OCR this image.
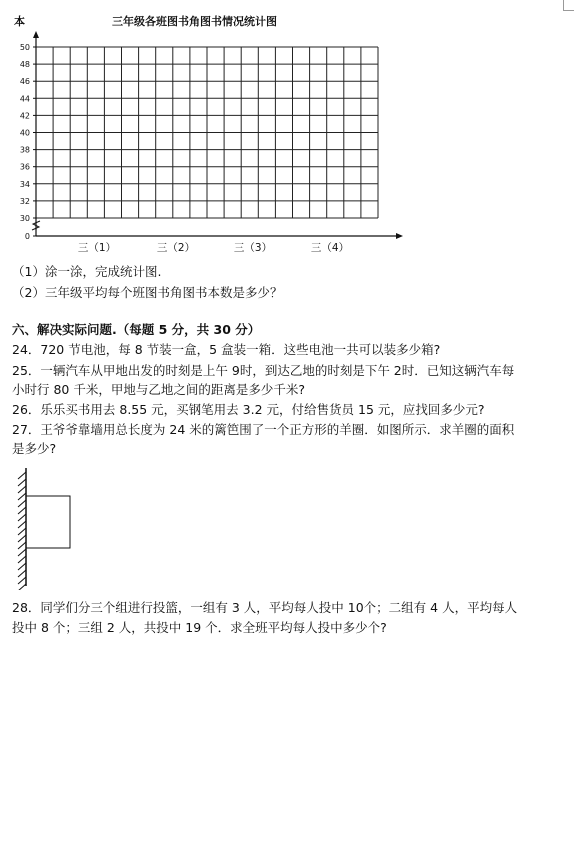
本	三年级各班图书角图书情况统计图
0
30
32
34
36
38
40
42
44
46
48
50
三（1）	三（2）	三（3）	三（4）
（1）涂一涂，完成统计图.
（2）三年级平均每个班图书角图书本数是多少？
六、解决实际问题.（每题 5 分，共 30 分）
24．720 节电池，每 8 节装一盒，5 盒装一箱．这些电池一共可以装多少箱?
25．一辆汽车从甲地出发的时刻是上午 9时，到达乙地的时刻是下午 2时．已知这辆汽车每
小时行 80 千米，甲地与乙地之间的距离是多少千米?
26．乐乐买书用去 8.55 元，买钢笔用去 3.2 元，付给售货员 15 元，应找回多少元?
27．王爷爷靠墙用总长度为 24 米的篱笆围了一个正方形的羊圈．如图所示．求羊圈的面积
是多少?
28．同学们分三个组进行投篮，一组有 3 人，平均每人投中 10个；二组有 4 人，平均每人
投中 8 个；三组 2 人，共投中 19 个．求全班平均每人投中多少个?
